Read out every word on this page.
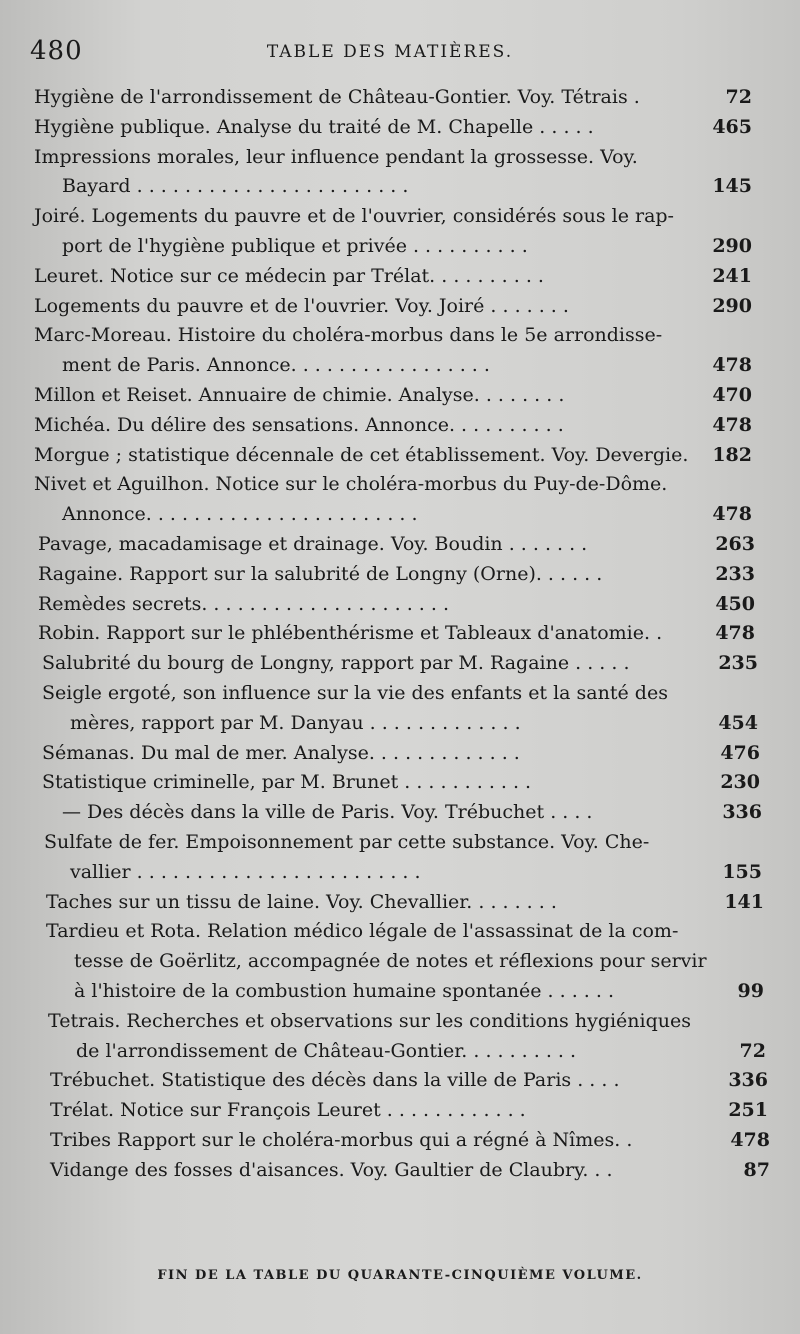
480	TABLE DES MATIÈRES.
Hygiène de l'arrondissement de Château-Gontier. Voy. Tétrais .	72
Hygiène publique. Analyse du traité de M. Chapelle . . . . .	465
Impressions morales, leur influence pendant la grossesse. Voy.
Bayard . . . . . . . . . . . . . . . . . . . . . . .	145
Joiré. Logements du pauvre et de l'ouvrier, considérés sous le rap-
port de l'hygiène publique et privée . . . . . . . . . .	290
Leuret. Notice sur ce médecin par Trélat. . . . . . . . . .	241
Logements du pauvre et de l'ouvrier. Voy. Joiré . . . . . . .	290
Marc-Moreau. Histoire du choléra-morbus dans le 5e arrondisse-
ment de Paris. Annonce. . . . . . . . . . . . . . . . .	478
Millon et Reiset. Annuaire de chimie. Analyse. . . . . . . .	470
Michéa. Du délire des sensations. Annonce. . . . . . . . . .	478
Morgue ; statistique décennale de cet établissement. Voy. Devergie.	182
Nivet et Aguilhon. Notice sur le choléra-morbus du Puy-de-Dôme.
Annonce. . . . . . . . . . . . . . . . . . . . . . .	478
Pavage, macadamisage et drainage. Voy. Boudin . . . . . . .	263
Ragaine. Rapport sur la salubrité de Longny (Orne). . . . . .	233
Remèdes secrets. . . . . . . . . . . . . . . . . . . . .	450
Robin. Rapport sur le phlébenthérisme et Tableaux d'anatomie. .	478
Salubrité du bourg de Longny, rapport par M. Ragaine . . . . .	235
Seigle ergoté, son influence sur la vie des enfants et la santé des
mères, rapport par M. Danyau . . . . . . . . . . . . .	454
Sémanas. Du mal de mer. Analyse. . . . . . . . . . . . .	476
Statistique criminelle, par M. Brunet . . . . . . . . . . .	230
— Des décès dans la ville de Paris. Voy. Trébuchet . . . .	336
Sulfate de fer. Empoisonnement par cette substance. Voy. Che-
vallier . . . . . . . . . . . . . . . . . . . . . . . .	155
Taches sur un tissu de laine. Voy. Chevallier. . . . . . . .	141
Tardieu et Rota. Relation médico légale de l'assassinat de la com-
tesse de Goërlitz, accompagnée de notes et réflexions pour servir
à l'histoire de la combustion humaine spontanée . . . . . .	99
Tetrais. Recherches et observations sur les conditions hygiéniques
de l'arrondissement de Château-Gontier. . . . . . . . . .	72
Trébuchet. Statistique des décès dans la ville de Paris . . . .	336
Trélat. Notice sur François Leuret . . . . . . . . . . . .	251
Tribes Rapport sur le choléra-morbus qui a régné à Nîmes. .	478
Vidange des fosses d'aisances. Voy. Gaultier de Claubry. . .	87
FIN DE LA TABLE DU QUARANTE-CINQUIÈME VOLUME.
